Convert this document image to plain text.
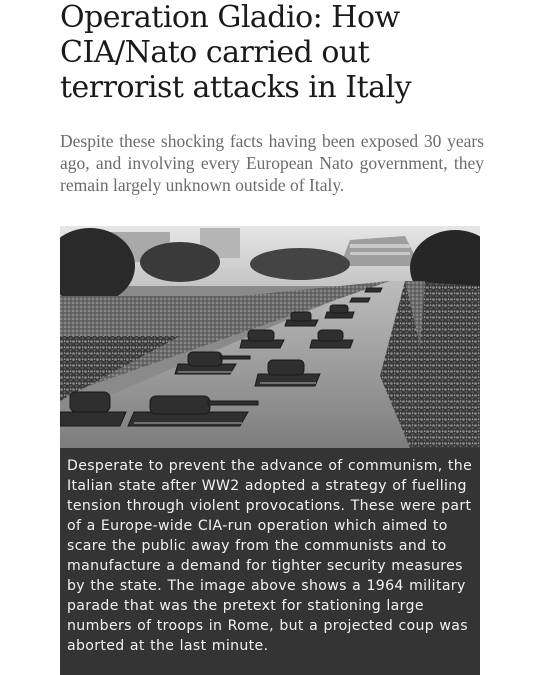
Operation Gladio: How CIA/Nato carried out terrorist attacks in Italy

Despite these shocking facts having been exposed 30 years ago, and involving every European Nato government, they remain largely unknown outside of Italy.

Desperate to prevent the advance of communism, the Italian state after WW2 adopted a strategy of fuelling tension through violent provocations. These were part of a Europe-wide CIA-run operation which aimed to scare the public away from the communists and to manufacture a demand for tighter security measures by the state. The image above shows a 1964 military parade that was the pretext for stationing large numbers of troops in Rome, but a projected coup was aborted at the last minute.
